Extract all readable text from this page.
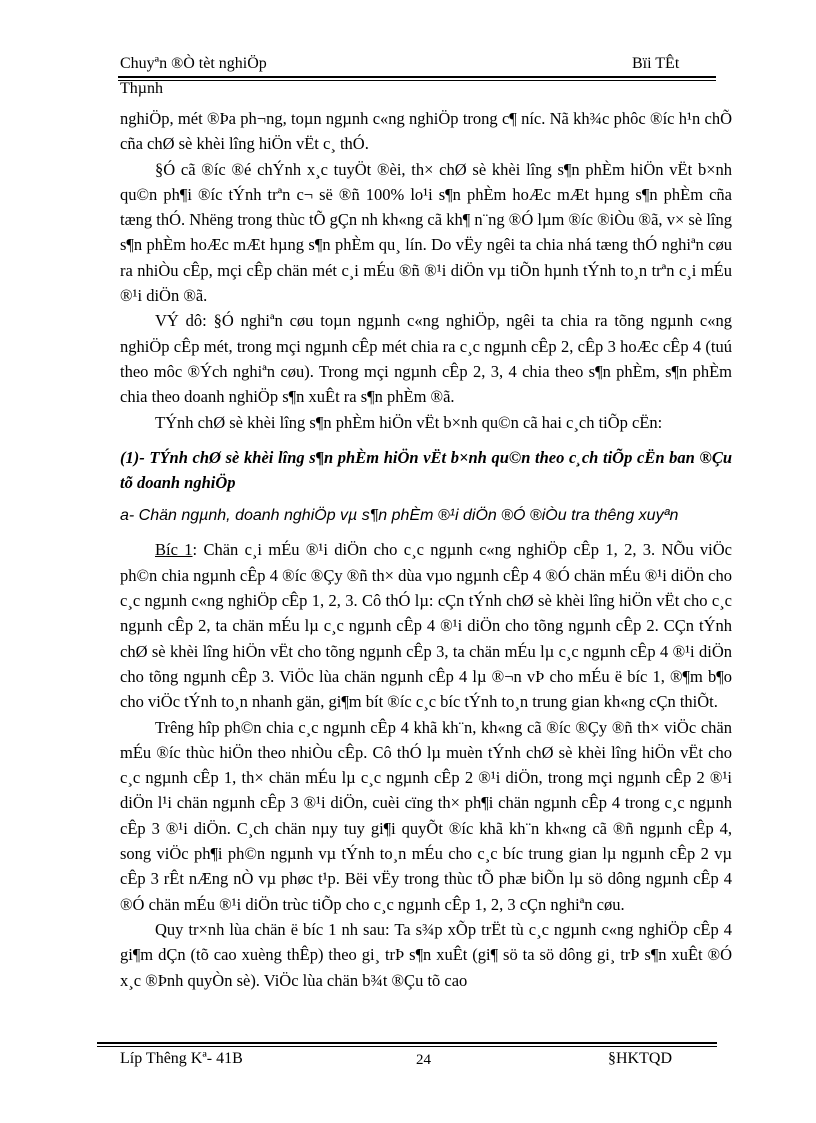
Chuyªn ®Ò tèt nghiÖp	Bïi TÊt
Thµnh

nghiÖp, mét ®Þa ph¬ng, toµn ngµnh c«ng nghiÖp trong c¶ níc. Nã kh¾c phôc ®íc h¹n chÕ cña chØ sè khèi lîng hiÖn vËt c¸ thÓ.

§Ó cã ®íc ®é chÝnh x¸c tuyÖt ®èi, th× chØ sè khèi lîng s¶n phÈm hiÖn vËt b×nh qu©n ph¶i ®íc tÝnh trªn c¬ së ®ñ 100% lo¹i s¶n phÈm hoÆc mÆt hµng s¶n phÈm cña tæng thÓ. Nhëng trong thùc tÕ gÇn nh kh«ng cã kh¶ n¨ng ®Ó lµm ®íc ®iÒu ®ã, v× sè lîng s¶n phÈm hoÆc mÆt hµng s¶n phÈm qu¸ lín. Do vËy ngêi ta chia nhá tæng thÓ nghiªn cøu ra nhiÒu cÊp, mçi cÊp chän mét c¸i mÉu ®ñ ®¹i diÖn vµ tiÕn hµnh tÝnh to¸n trªn c¸i mÉu ®¹i diÖn ®ã.

VÝ dô: §Ó nghiªn cøu toµn ngµnh c«ng nghiÖp, ngêi ta chia ra tõng ngµnh c«ng nghiÖp cÊp mét, trong mçi ngµnh cÊp mét chia ra c¸c ngµnh cÊp 2, cÊp 3 hoÆc cÊp 4 (tuú theo môc ®Ých nghiªn cøu). Trong mçi ngµnh cÊp 2, 3, 4 chia theo s¶n phÈm, s¶n phÈm chia theo doanh nghiÖp s¶n xuÊt ra s¶n phÈm ®ã.

TÝnh chØ sè khèi lîng s¶n phÈm hiÖn vËt b×nh qu©n cã hai c¸ch tiÕp cËn:

(1)- TÝnh chØ sè khèi lîng s¶n phÈm hiÖn vËt b×nh qu©n theo c¸ch tiÕp cËn ban ®Çu tõ doanh nghiÖp

a- Chän ngµnh, doanh nghiÖp vµ s¶n phÈm ®¹i diÖn ®Ó ®iÒu tra thêng xuyªn

Bíc 1: Chän c¸i mÉu ®¹i diÖn cho c¸c ngµnh c«ng nghiÖp cÊp 1, 2, 3. NÕu viÖc ph©n chia ngµnh cÊp 4 ®íc ®Çy ®ñ th× dùa vµo ngµnh cÊp 4 ®Ó chän mÉu ®¹i diÖn cho c¸c ngµnh c«ng nghiÖp cÊp 1, 2, 3. Cô thÓ lµ: cÇn tÝnh chØ sè khèi lîng hiÖn vËt cho c¸c ngµnh cÊp 2, ta chän mÉu lµ c¸c ngµnh cÊp 4 ®¹i diÖn cho tõng ngµnh cÊp 2. CÇn tÝnh chØ sè khèi lîng hiÖn vËt cho tõng ngµnh cÊp 3, ta chän mÉu lµ c¸c ngµnh cÊp 4 ®¹i diÖn cho tõng ngµnh cÊp 3. ViÖc lùa chän ngµnh cÊp 4 lµ ®¬n vÞ cho mÉu ë bíc 1, ®¶m b¶o cho viÖc tÝnh to¸n nhanh gän, gi¶m bít ®íc c¸c bíc tÝnh to¸n trung gian kh«ng cÇn thiÕt.

Trêng hîp ph©n chia c¸c ngµnh cÊp 4 khã kh¨n, kh«ng cã ®íc ®Çy ®ñ th× viÖc chän mÉu ®íc thùc hiÖn theo nhiÒu cÊp. Cô thÓ lµ muèn tÝnh chØ sè khèi lîng hiÖn vËt cho c¸c ngµnh cÊp 1, th× chän mÉu lµ c¸c ngµnh cÊp 2 ®¹i diÖn, trong mçi ngµnh cÊp 2 ®¹i diÖn l¹i chän ngµnh cÊp 3 ®¹i diÖn, cuèi cïng th× ph¶i chän ngµnh cÊp 4 trong c¸c ngµnh cÊp 3 ®¹i diÖn. C¸ch chän nµy tuy gi¶i quyÕt ®íc khã kh¨n kh«ng cã ®ñ ngµnh cÊp 4, song viÖc ph¶i ph©n ngµnh vµ tÝnh to¸n mÉu cho c¸c bíc trung gian lµ ngµnh cÊp 2 vµ cÊp 3 rÊt nÆng nÒ vµ phøc t¹p. Bëi vËy trong thùc tÕ phæ biÕn lµ sö dông ngµnh cÊp 4 ®Ó chän mÉu ®¹i diÖn trùc tiÕp cho c¸c ngµnh cÊp 1, 2, 3 cÇn nghiªn cøu.

Quy tr×nh lùa chän ë bíc 1 nh sau: Ta s¾p xÕp trËt tù c¸c ngµnh c«ng nghiÖp cÊp 4 gi¶m dÇn (tõ cao xuèng thÊp) theo gi¸ trÞ s¶n xuÊt (gi¶ sö ta sö dông gi¸ trÞ s¶n xuÊt ®Ó x¸c ®Þnh quyÒn sè). ViÖc lùa chän b¾t ®Çu tõ cao

Líp Thêng Kª- 41B	24	§HKTQD
